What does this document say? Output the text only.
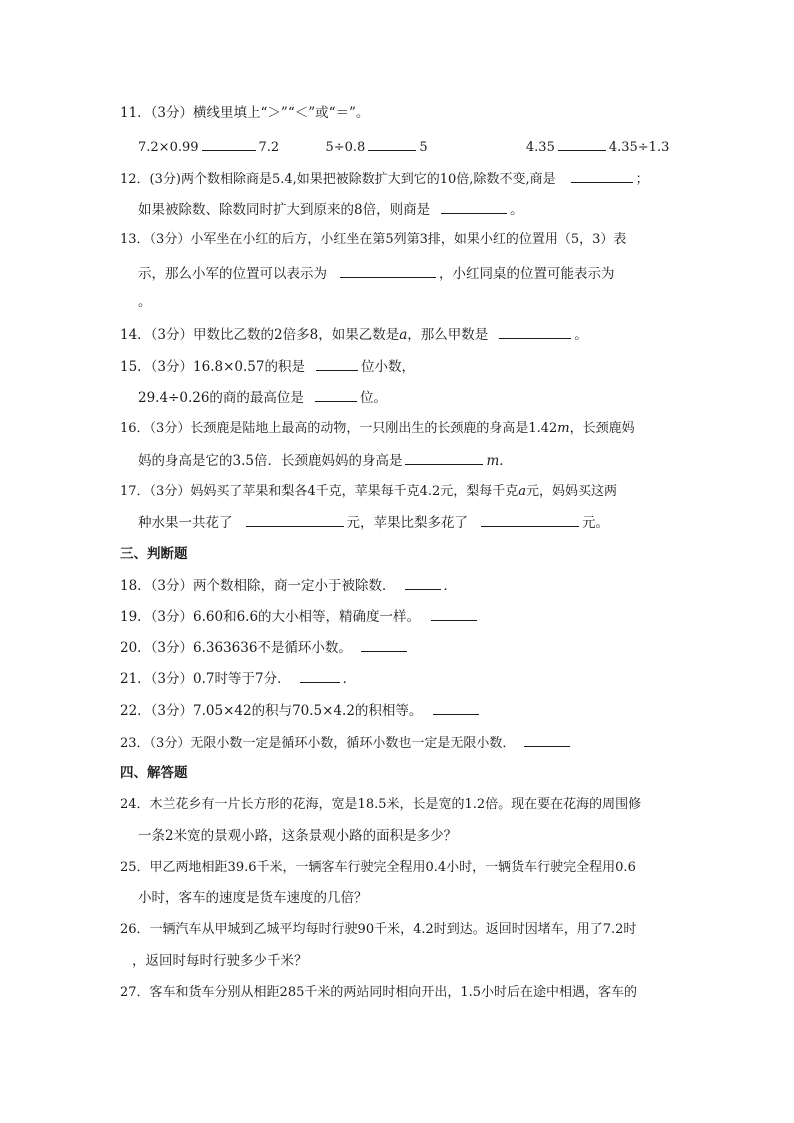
11．（3分）横线里填上“＞”“＜”或“＝”。
7.2×0.99	7.2	5÷0.8	5	4.35	4.35÷1.3
12．(3分)两个数相除商是5.4,如果把被除数扩大到它的10倍,除数不变,商是	；
如果被除数、除数同时扩大到原来的8倍，则商是	。
13．（3分）小军坐在小红的后方，小红坐在第5列第3排，如果小红的位置用（5，3）表
示，那么小军的位置可以表示为	，小红同桌的位置可能表示为
。
14．（3分）甲数比乙数的2倍多8，如果乙数是a，那么甲数是	。
15．（3分）16.8×0.57的积是	位小数，
29.4÷0.26的商的最高位是	位。
16．（3分）长颈鹿是陆地上最高的动物，一只刚出生的长颈鹿的身高是1.42m，长颈鹿妈
妈的身高是它的3.5倍．长颈鹿妈妈的身高是	m．
17．（3分）妈妈买了苹果和梨各4千克，苹果每千克4.2元，梨每千克a元，妈妈买这两
种水果一共花了	元，苹果比梨多花了	元。
三、判断题
18．（3分）两个数相除，商一定小于被除数．	．
19．（3分）6.60和6.6的大小相等，精确度一样。
20．（3分）6.363636不是循环小数。
21．（3分）0.7时等于7分．	．
22．（3分）7.05×42的积与70.5×4.2的积相等。
23．（3分）无限小数一定是循环小数，循环小数也一定是无限小数．
四、解答题
24．木兰花乡有一片长方形的花海，宽是18.5米，长是宽的1.2倍。现在要在花海的周围修
一条2米宽的景观小路，这条景观小路的面积是多少？
25．甲乙两地相距39.6千米，一辆客车行驶完全程用0.4小时，一辆货车行驶完全程用0.6
小时，客车的速度是货车速度的几倍？
26．一辆汽车从甲城到乙城平均每时行驶90千米，4.2时到达。返回时因堵车，用了7.2时
，返回时每时行驶多少千米？
27．客车和货车分别从相距285千米的两站同时相向开出，1.5小时后在途中相遇，客车的
